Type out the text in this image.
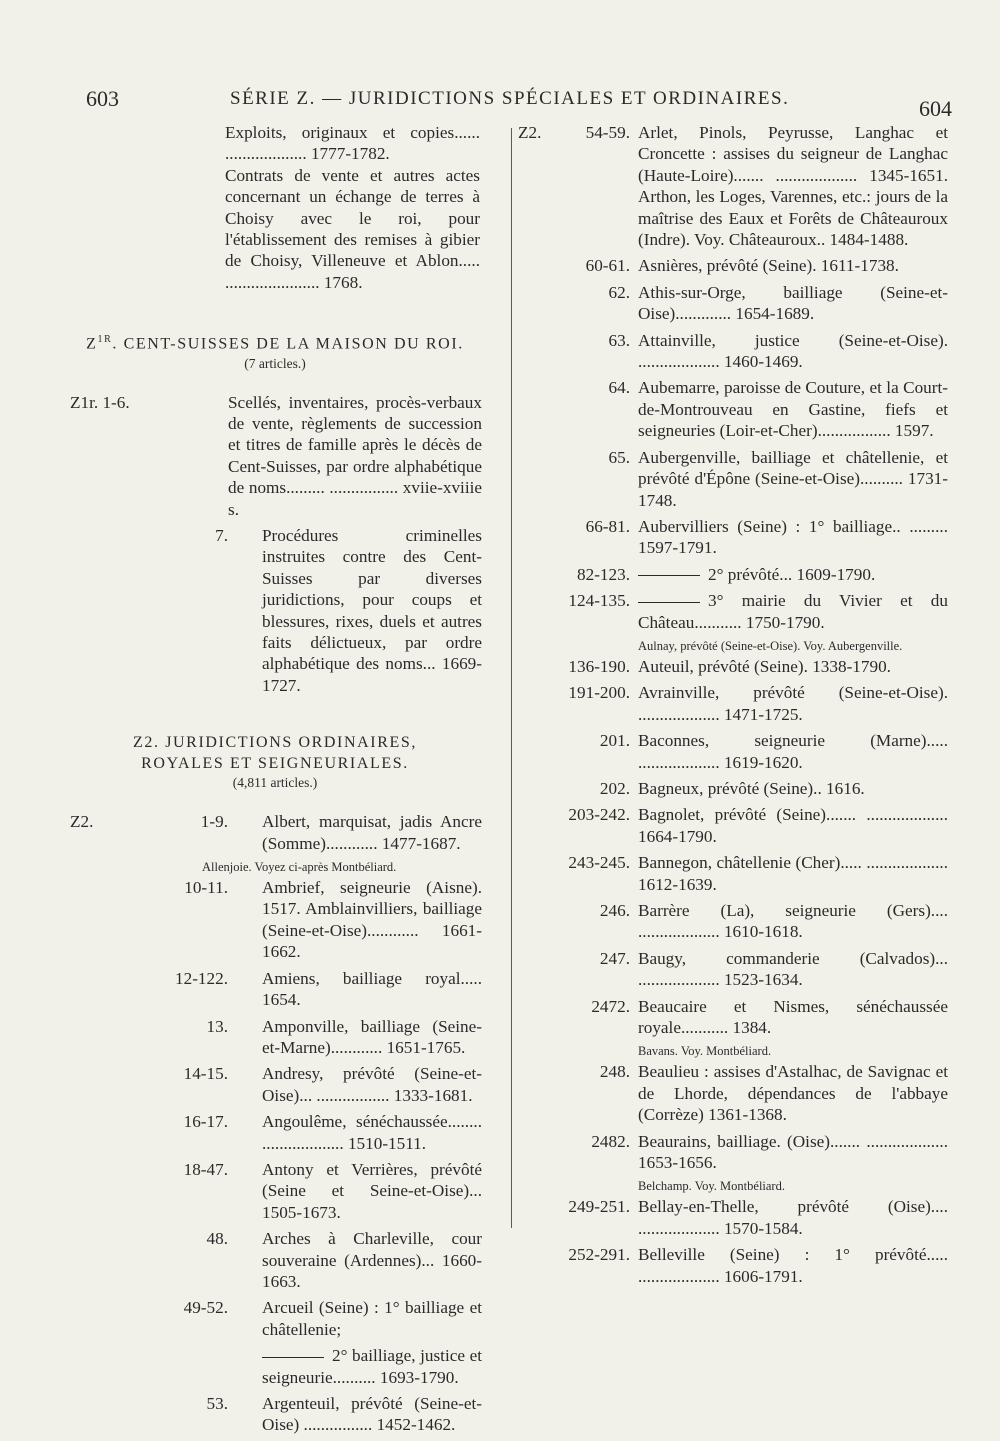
603	SÉRIE Z. — JURIDICTIONS SPÉCIALES ET ORDINAIRES.	604
Exploits, originaux et copies...... ................... 1777-1782.
Contrats de vente et autres actes concernant un échange de terres à Choisy avec le roi, pour l'établissement des remises à gibier de Choisy, Villeneuve et Ablon..... ...................... 1768.
$Z^{1R}$. CENT-SUISSES DE LA MAISON DU ROI.
(7 articles.)
Z1r. 1-6.	Scellés, inventaires, procès-verbaux de vente, règlements de succession et titres de famille après le décès de Cent-Suisses, par ordre alphabétique de noms......... ................ xviie-xviiie s.
7.	Procédures criminelles instruites contre des Cent-Suisses par diverses juridictions, pour coups et blessures, rixes, duels et autres faits délictueux, par ordre alphabétique des noms... 1669-1727.
Z2. JURIDICTIONS ORDINAIRES,
ROYALES ET SEIGNEURIALES.
(4,811 articles.)
Z2.	1-9.	Albert, marquisat, jadis Ancre (Somme)............ 1477-1687.
Allenjoie. Voyez ci-après Montbéliard.
10-11.	Ambrief, seigneurie (Aisne). 1517. Amblainvilliers, bailliage (Seine-et-Oise)............ 1661-1662.
12-122.	Amiens, bailliage royal..... 1654.
13.	Amponville, bailliage (Seine-et-Marne)............ 1651-1765.
14-15.	Andresy, prévôté (Seine-et-Oise)... ................. 1333-1681.
16-17.	Angoulême, sénéchaussée........ ................... 1510-1511.
18-47.	Antony et Verrières, prévôté (Seine et Seine-et-Oise)... 1505-1673.
48.	Arches à Charleville, cour souveraine (Ardennes)... 1660-1663.
49-52.	Arcueil (Seine) : 1° bailliage et châtellenie;
2° bailliage, justice et seigneurie.......... 1693-1790.
53.	Argenteuil, prévôté (Seine-et-Oise) ................ 1452-1462.
Z2.	54-59. Arlet, Pinols, Peyrusse, Langhac et Croncette : assises du seigneur de Langhac (Haute-Loire)....... ................... 1345-1651. Arthon, les Loges, Varennes, etc.: jours de la maîtrise des Eaux et Forêts de Châteauroux (Indre). Voy. Châteauroux.. 1484-1488.
60-61. Asnières, prévôté (Seine). 1611-1738.
62. Athis-sur-Orge, bailliage (Seine-et-Oise)............. 1654-1689.
63. Attainville, justice (Seine-et-Oise). ................... 1460-1469.
64. Aubemarre, paroisse de Couture, et la Court-de-Montrouveau en Gastine, fiefs et seigneuries (Loir-et-Cher)................. 1597.
65. Aubergenville, bailliage et châtellenie, et prévôté d'Épône (Seine-et-Oise).......... 1731-1748.
66-81. Aubervilliers (Seine) : 1° bailliage.. ......... 1597-1791.
82-123.	2° prévôté... 1609-1790.
124-135.	3° mairie du Vivier et du Château........... 1750-1790.
Aulnay, prévôté (Seine-et-Oise). Voy. Aubergenville.
136-190. Auteuil, prévôté (Seine). 1338-1790.
191-200. Avrainville, prévôté (Seine-et-Oise). ................... 1471-1725.
201. Baconnes, seigneurie (Marne)..... ................... 1619-1620.
202. Bagneux, prévôté (Seine).. 1616.
203-242. Bagnolet, prévôté (Seine)....... ................... 1664-1790.
243-245. Bannegon, châtellenie (Cher)..... ................... 1612-1639.
246. Barrère (La), seigneurie (Gers).... ................... 1610-1618.
247. Baugy, commanderie (Calvados)... ................... 1523-1634.
2472. Beaucaire et Nismes, sénéchaussée royale........... 1384.
Bavans. Voy. Montbéliard.
248. Beaulieu : assises d'Astalhac, de Savignac et de Lhorde, dépendances de l'abbaye (Corrèze) 1361-1368.
2482. Beaurains, bailliage. (Oise)....... ................... 1653-1656.
Belchamp. Voy. Montbéliard.
249-251. Bellay-en-Thelle, prévôté (Oise).... ................... 1570-1584.
252-291. Belleville (Seine) : 1° prévôté..... ................... 1606-1791.
